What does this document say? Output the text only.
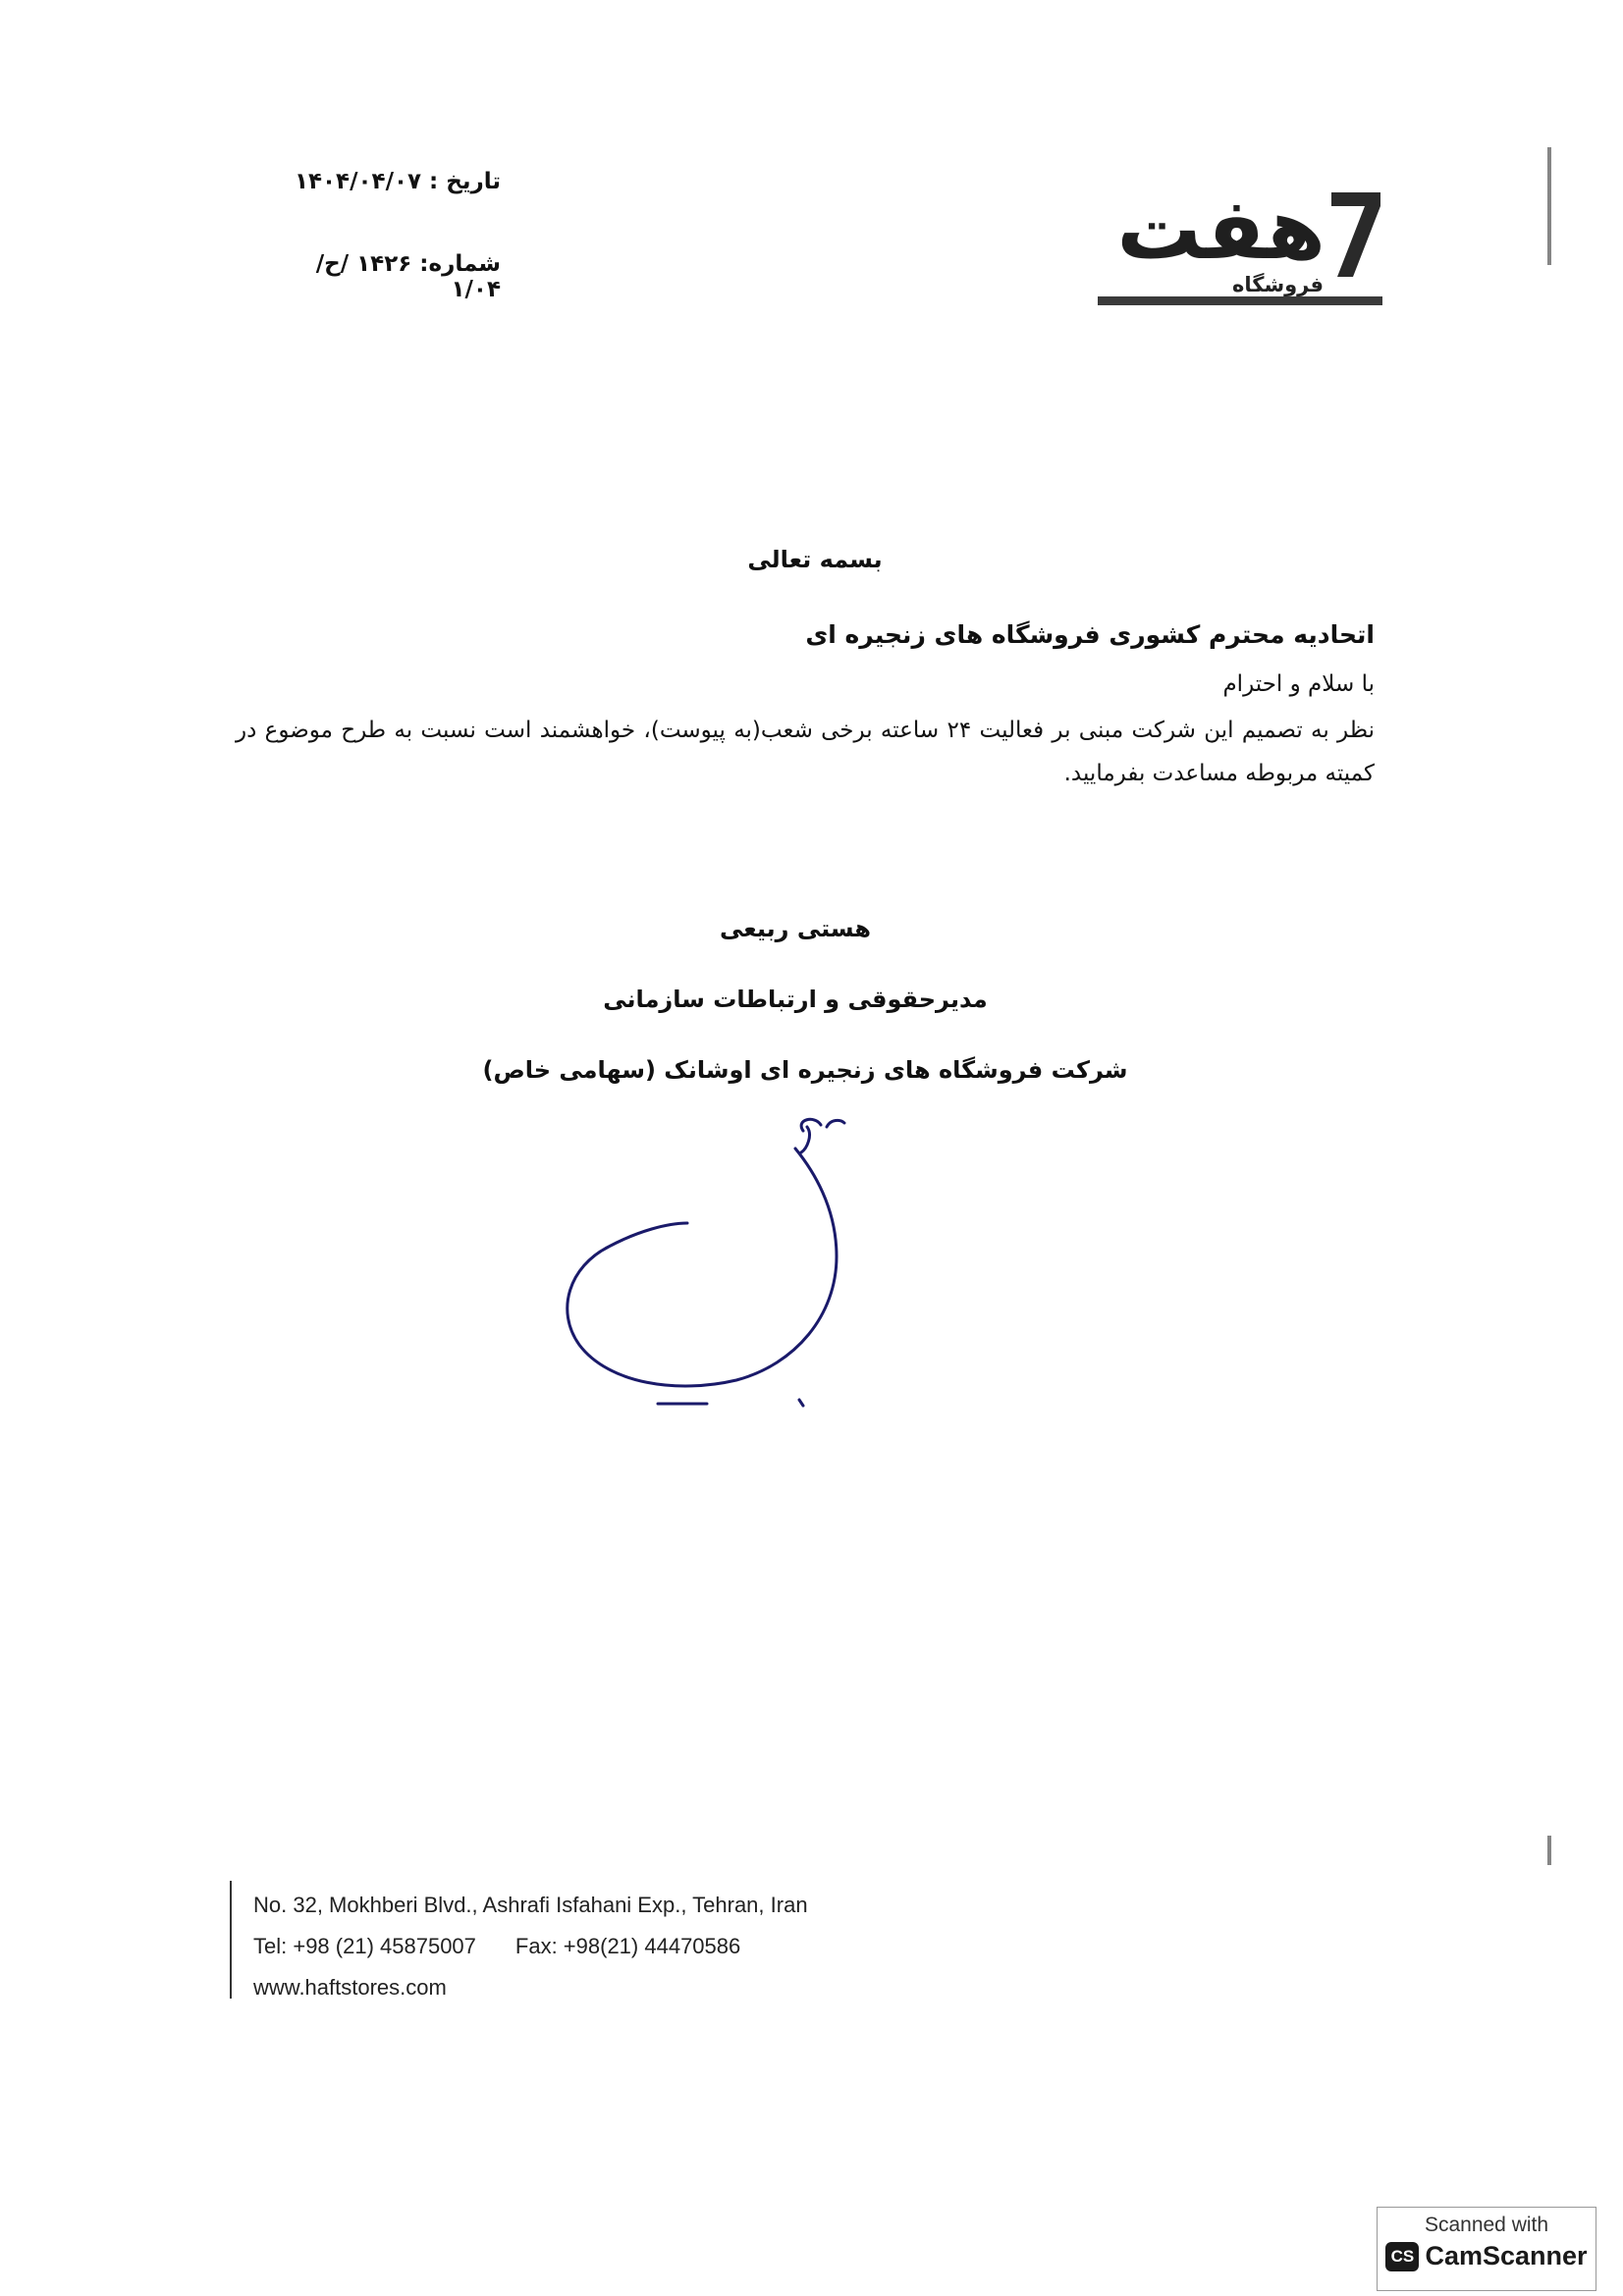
تاریخ : ۱۴۰۴/۰۴/۰۷
شماره: ۱۴۲۶ /ح/۱/۰۴
هفت 7
فروشگاه
بسمه تعالی
اتحادیه محترم کشوری فروشگاه های زنجیره ای
با سلام و احترام
نظر به تصمیم این شرکت مبنی بر فعالیت ۲۴ ساعته برخی شعب(به پیوست)، خواهشمند است نسبت به طرح موضوع در کمیته مربوطه مساعدت بفرمایید.
هستی ربیعی
مدیرحقوقی و ارتباطات سازمانی
شرکت فروشگاه های زنجیره ای اوشانک (سهامی خاص)
No. 32, Mokhberi Blvd., Ashrafi Isfahani Exp., Tehran, Iran
Tel: +98 (21) 45875007 Fax: +98(21) 44470586
www.haftstores.com
Scanned with
CS CamScanner
